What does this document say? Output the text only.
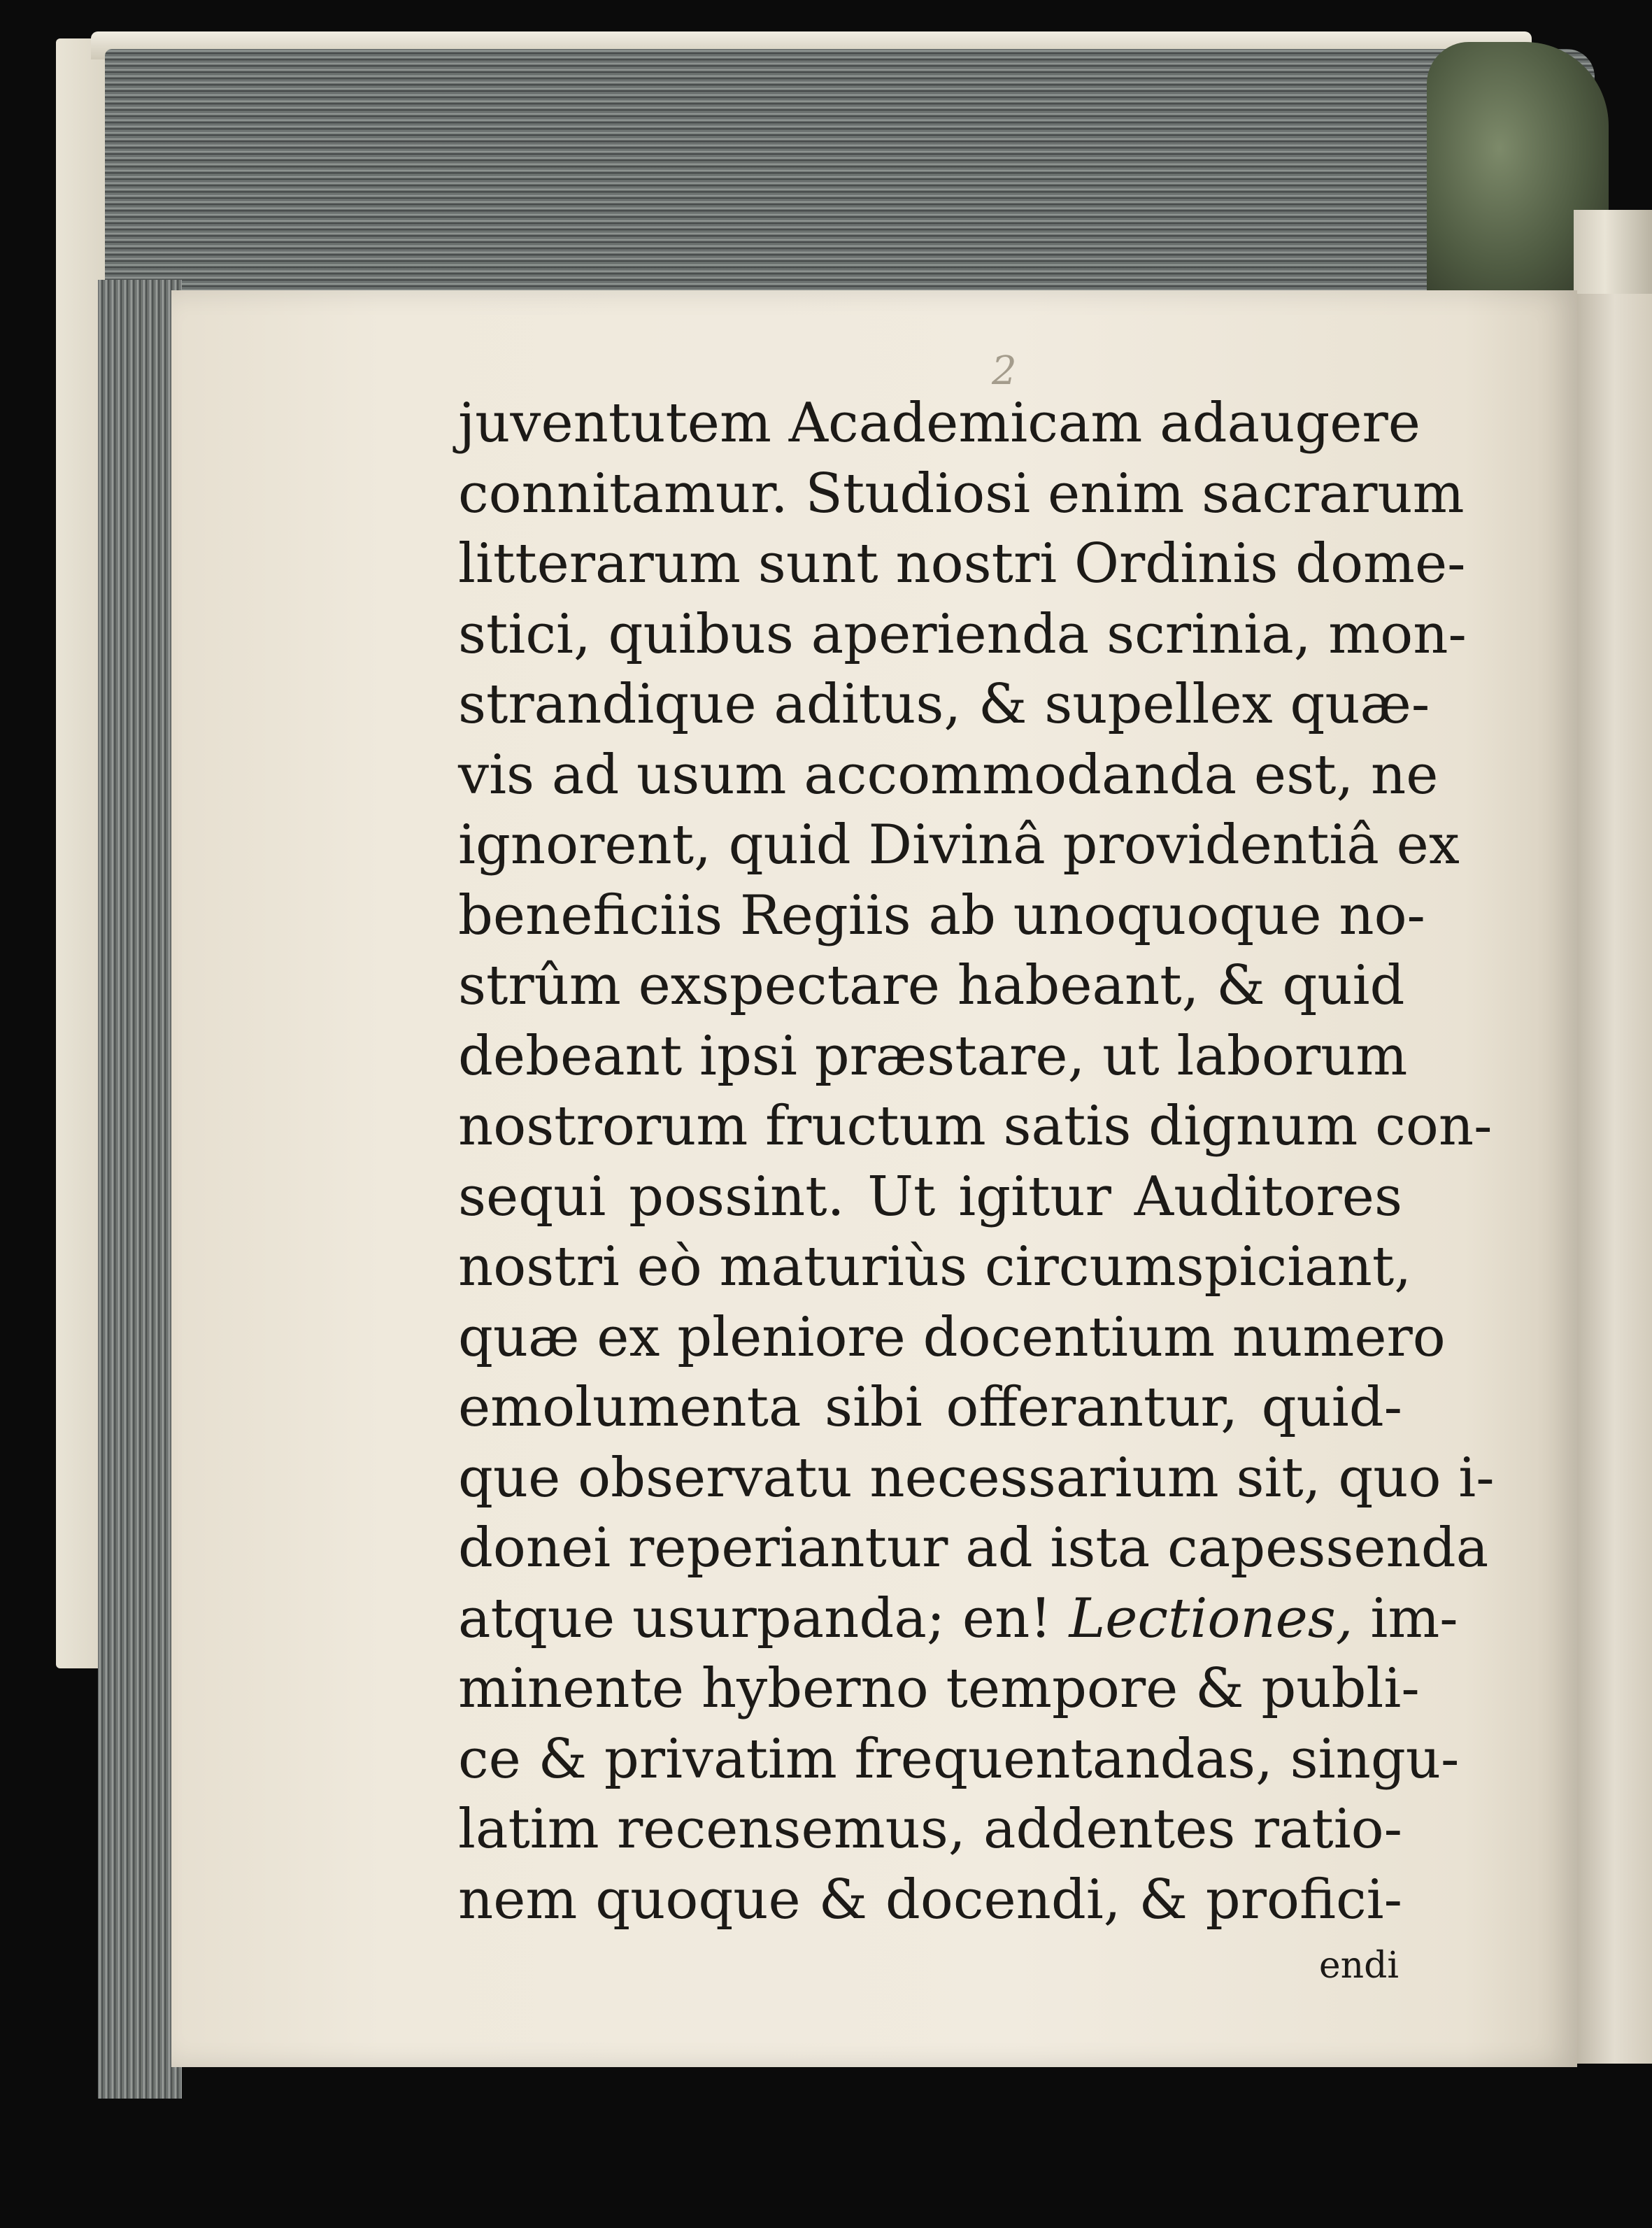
2
juventutem Academicam adaugere
connitamur. Studiosi enim sacrarum
litterarum sunt nostri Ordinis dome-
stici, quibus aperienda scrinia, mon-
strandique aditus, & supellex quæ-
vis ad usum accommodanda est, ne
ignorent, quid Divinâ providentiâ ex
beneficiis Regiis ab unoquoque no-
strûm exspectare habeant, & quid
debeant ipsi præstare, ut laborum
nostrorum fructum satis dignum con-
sequi possint. Ut igitur Auditores
nostri eò maturiùs circumspiciant,
quæ ex pleniore docentium numero
emolumenta sibi offerantur, quid-
que observatu necessarium sit, quo i-
donei reperiantur ad ista capessenda
atque usurpanda; en! Lectiones, im-
minente hyberno tempore & publi-
ce & privatim frequentandas, singu-
latim recensemus, addentes ratio-
nem quoque & docendi, & profici-
endi
